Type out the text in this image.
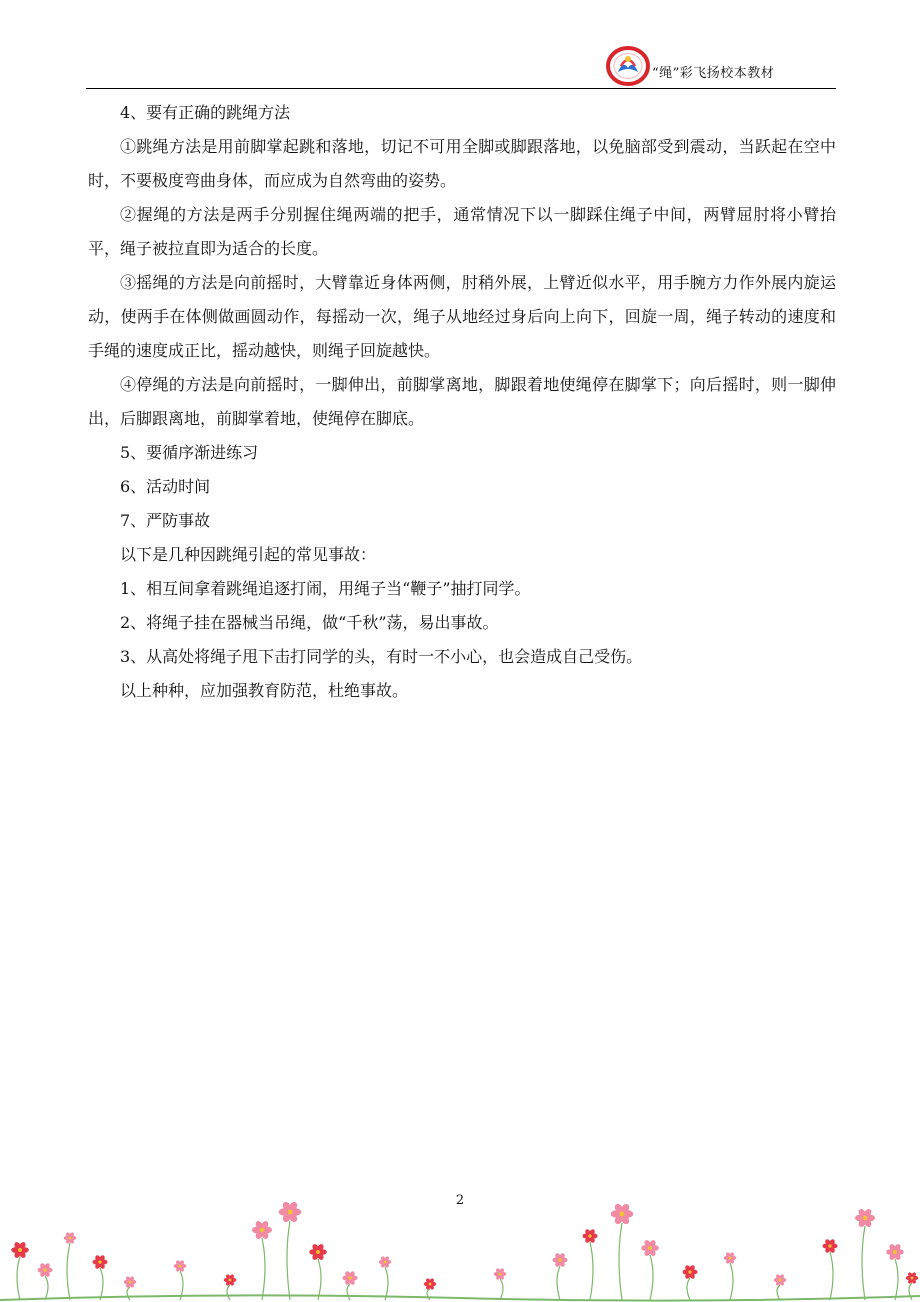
“绳”彩飞扬校本教材

4、要有正确的跳绳方法

①跳绳方法是用前脚掌起跳和落地，切记不可用全脚或脚跟落地，以免脑部受到震动，当跃起在空中时，不要极度弯曲身体，而应成为自然弯曲的姿势。

②握绳的方法是两手分别握住绳两端的把手，通常情况下以一脚踩住绳子中间，两臂屈肘将小臂抬平，绳子被拉直即为适合的长度。

③摇绳的方法是向前摇时，大臂靠近身体两侧，肘稍外展，上臂近似水平，用手腕方力作外展内旋运动，使两手在体侧做画圆动作，每摇动一次，绳子从地经过身后向上向下，回旋一周，绳子转动的速度和手绳的速度成正比，摇动越快，则绳子回旋越快。

④停绳的方法是向前摇时，一脚伸出，前脚掌离地，脚跟着地使绳停在脚掌下；向后摇时，则一脚伸出，后脚跟离地，前脚掌着地，使绳停在脚底。

5、要循序渐进练习

6、活动时间

7、严防事故

以下是几种因跳绳引起的常见事故：

1、相互间拿着跳绳追逐打闹，用绳子当“鞭子”抽打同学。

2、将绳子挂在器械当吊绳，做“千秋”荡，易出事故。

3、从高处将绳子甩下击打同学的头，有时一不小心，也会造成自己受伤。

以上种种，应加强教育防范，杜绝事故。

2
